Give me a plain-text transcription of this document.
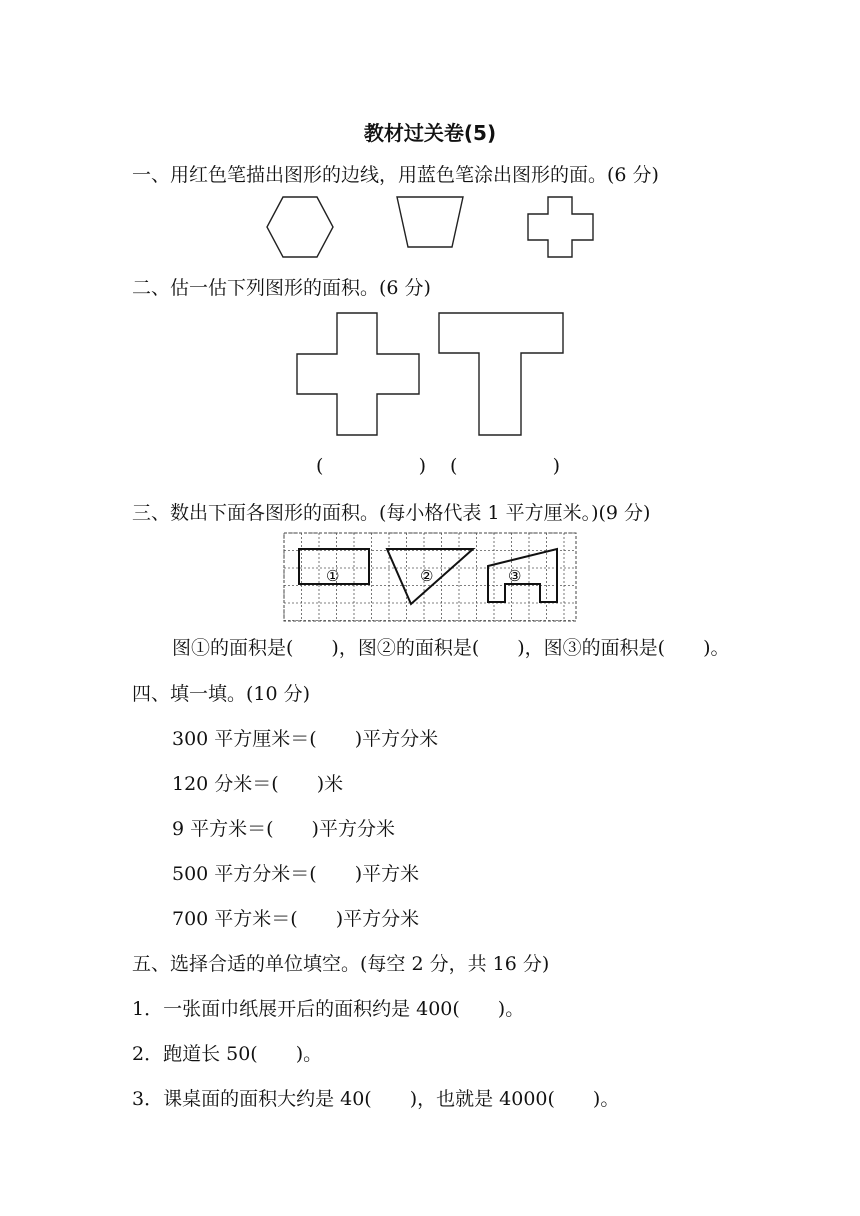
教材过关卷(5)
一、用红色笔描出图形的边线，用蓝色笔涂出图形的面。(6 分)
二、估一估下列图形的面积。(6 分)
(	) (	)
三、数出下面各图形的面积。(每小格代表 1 平方厘米。)(9 分)
①	②	③
图①的面积是(　　)，图②的面积是(　　)，图③的面积是(　　)。
四、填一填。(10 分)
300 平方厘米＝(　　)平方分米
120 分米＝(　　)米
9 平方米＝(　　)平方分米
500 平方分米＝(　　)平方米
700 平方米＝(　　)平方分米
五、选择合适的单位填空。(每空 2 分，共 16 分)
1．一张面巾纸展开后的面积约是 400(　　)。
2．跑道长 50(　　)。
3．课桌面的面积大约是 40(　　)，也就是 4000(　　)。
